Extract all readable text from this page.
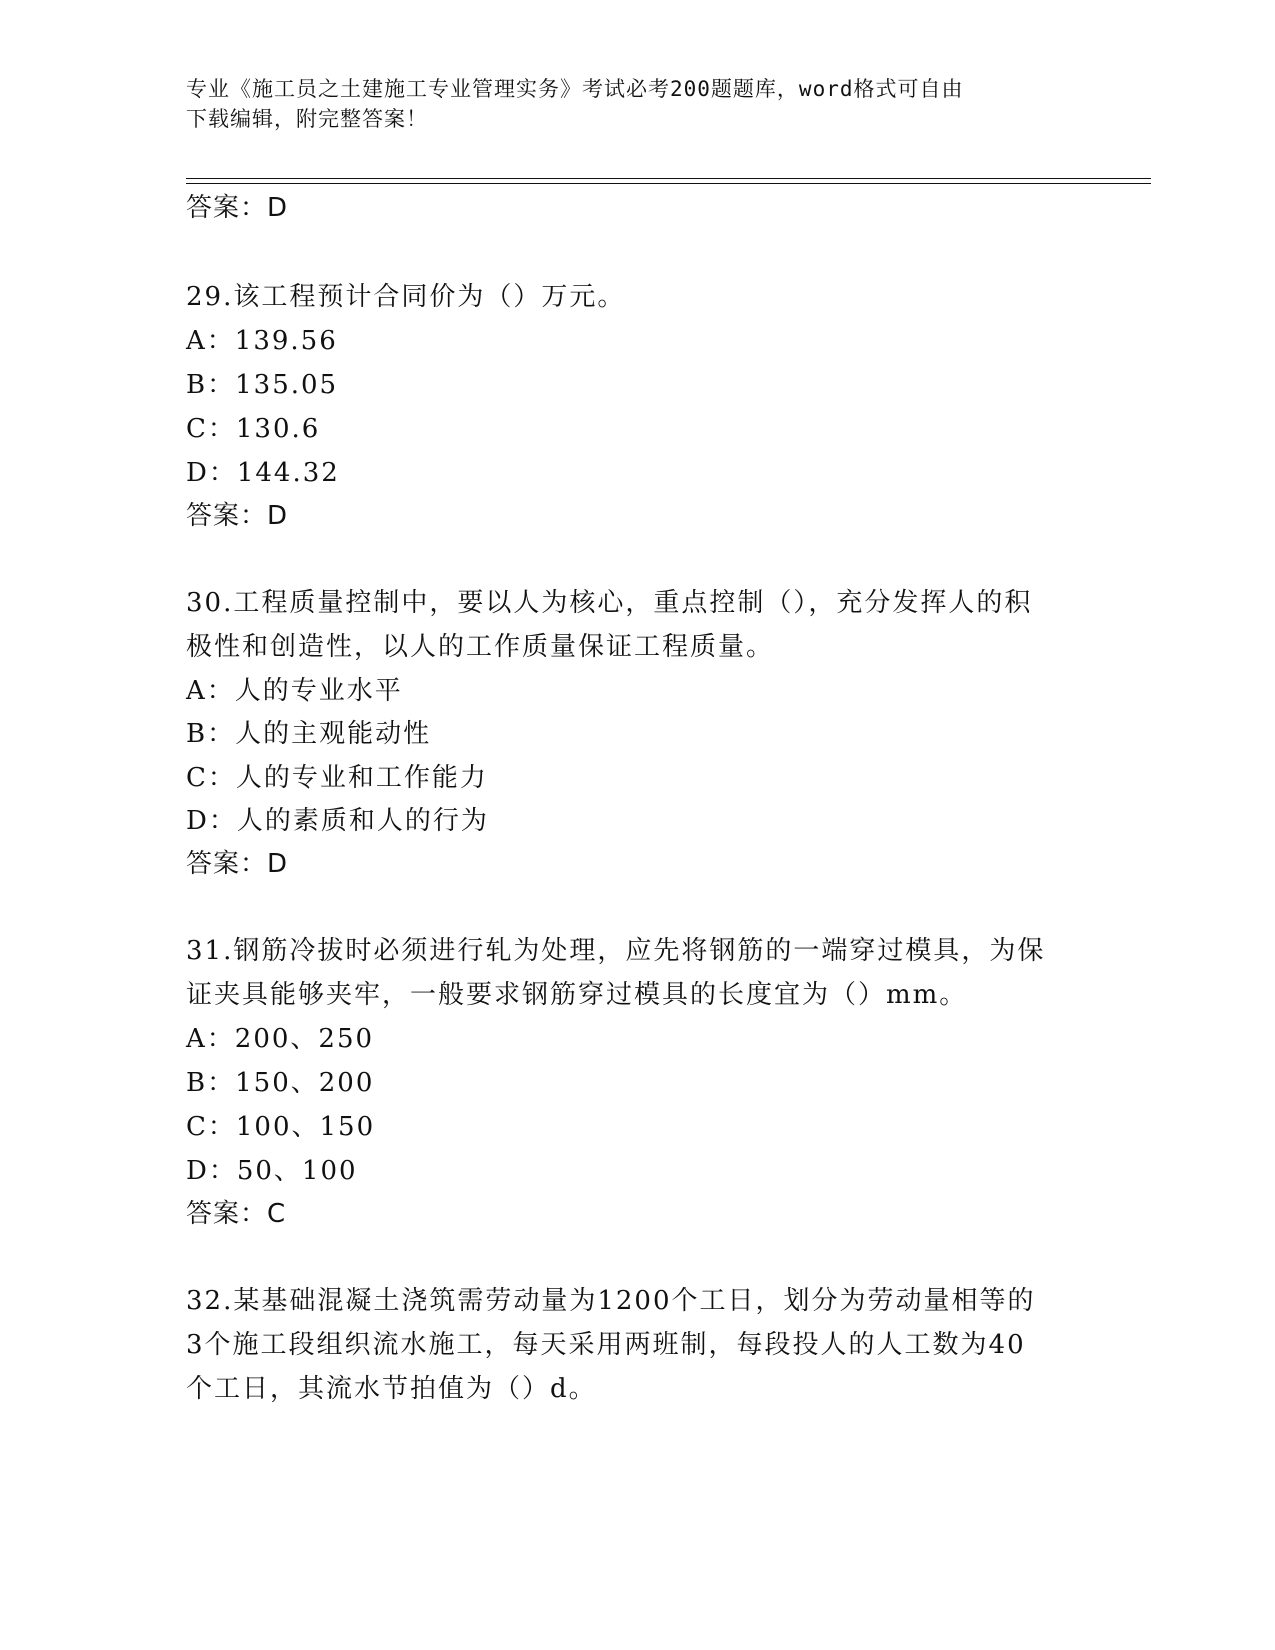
专业《施工员之土建施工专业管理实务》考试必考200题题库，word格式可自由
下载编辑，附完整答案！
答案：D
29.该工程预计合同价为（）万元。
A：139.56
B：135.05
C：130.6
D：144.32
答案：D
30.工程质量控制中，要以人为核心，重点控制（），充分发挥人的积
极性和创造性，以人的工作质量保证工程质量。
A：人的专业水平
B：人的主观能动性
C：人的专业和工作能力
D：人的素质和人的行为
答案：D
31.钢筋冷拔时必须进行轧为处理，应先将钢筋的一端穿过模具，为保
证夹具能够夹牢，一般要求钢筋穿过模具的长度宜为（）mm。
A：200、250
B：150、200
C：100、150
D：50、100
答案：C
32.某基础混凝土浇筑需劳动量为1200个工日，划分为劳动量相等的
3个施工段组织流水施工，每天采用两班制，每段投人的人工数为40
个工日，其流水节拍值为（）d。
